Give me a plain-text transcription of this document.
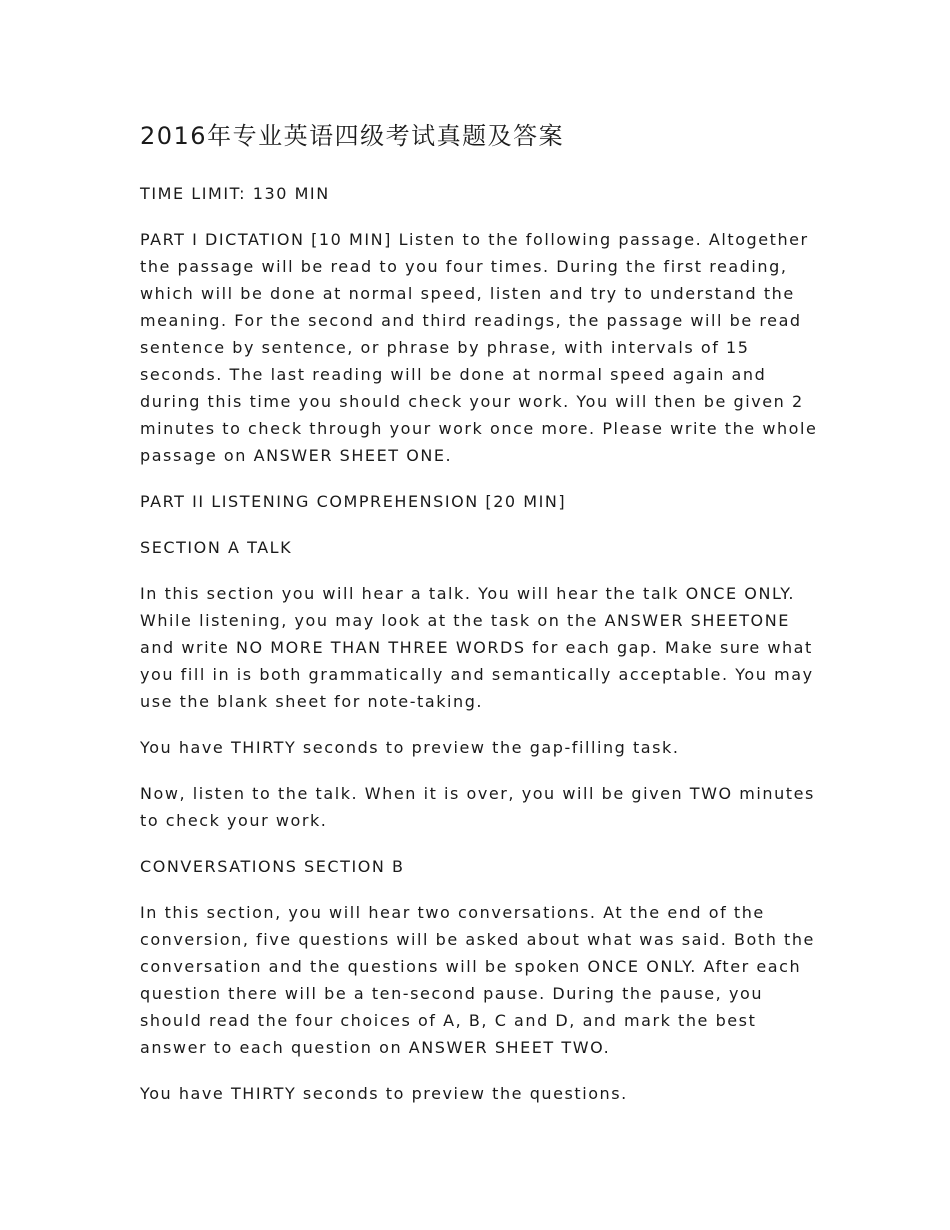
2016年专业英语四级考试真题及答案

TIME LIMIT: 130 MIN

PART I DICTATION [10 MIN] Listen to the following passage. Altogether the passage will be read to you four times. During the first reading, which will be done at normal speed, listen and try to understand the meaning. For the second and third readings, the passage will be read sentence by sentence, or phrase by phrase, with intervals of 15 seconds. The last reading will be done at normal speed again and during this time you should check your work. You will then be given 2 minutes to check through your work once more. Please write the whole passage on ANSWER SHEET ONE.

PART II LISTENING COMPREHENSION [20 MIN]

SECTION A TALK

In this section you will hear a talk. You will hear the talk ONCE ONLY. While listening, you may look at the task on the ANSWER SHEETONE and write NO MORE THAN THREE WORDS for each gap. Make sure what you fill in is both grammatically and semantically acceptable. You may use the blank sheet for note-taking.

You have THIRTY seconds to preview the gap-filling task.

Now, listen to the talk. When it is over, you will be given TWO minutes to check your work.

CONVERSATIONS SECTION B

In this section, you will hear two conversations. At the end of the conversion, five questions will be asked about what was said. Both the conversation and the questions will be spoken ONCE ONLY. After each question there will be a ten-second pause. During the pause, you should read the four choices of A, B, C and D, and mark the best answer to each question on ANSWER SHEET TWO.

You have THIRTY seconds to preview the questions.
